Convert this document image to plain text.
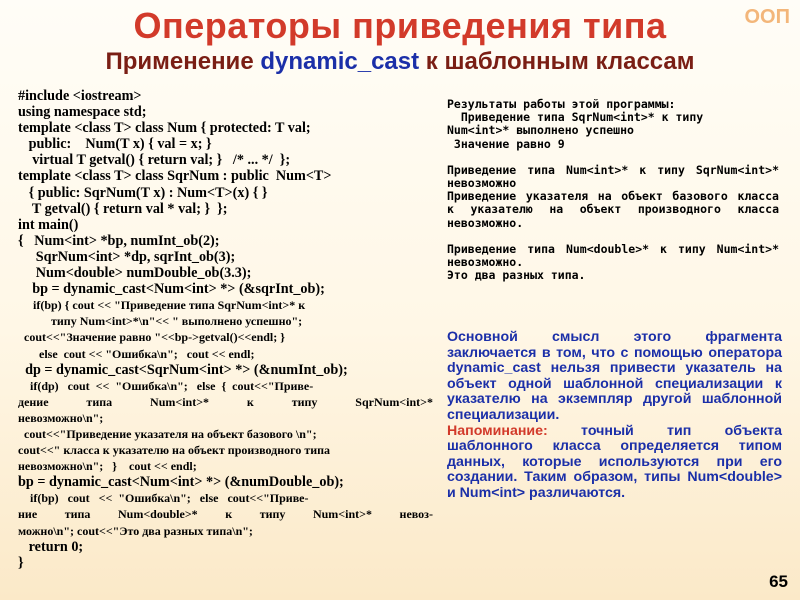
ООП
Операторы приведения типа
Применение dynamic_cast к шаблонным классам
#include <iostream>
using namespace std;
template <class T> class Num { protected: T val;
public:    Num(T x) { val = x; }
virtual T getval() { return val; }   /* ... */  };
template <class T> class SqrNum : public  Num<T>
{ public: SqrNum(T x) : Num<T>(x) { }
T getval() { return val * val; }  };
int main()
{   Num<int> *bp, numInt_ob(2);
SqrNum<int> *dp, sqrInt_ob(3);
Num<double> numDouble_ob(3.3);
bp = dynamic_cast<Num<int> *> (&sqrInt_ob);
if(bp) { cout << "Приведение типа SqrNum<int>* к
типу Num<int>*\n"<< " выполнено успешно";
cout<<"Значение равно "<<bp->getval()<<endl; }
else  cout << "Ошибка\n";   cout << endl;
dp = dynamic_cast<SqrNum<int> *> (&numInt_ob);
if(dp)   cout  <<  "Ошибка\n";   else  {  cout<<"Приве-
дение типа Num<int>* к типу SqrNum<int>*
невозможно\n";
cout<<"Приведение указателя на объект базового \n";
cout<<" класса к указателю на объект производного типа
невозможно\n";   }    cout << endl;
bp = dynamic_cast<Num<int> *> (&numDouble_ob);
if(bp)   cout   <<  "Ошибка\n";   else   cout<<"Приве-
ние типа Num<double>* к типу Num<int>* невоз-
можно\n"; cout<<"Это два разных типа\n";
return 0;
}
Результаты работы этой программы:
Приведение типа SqrNum<int>* к типу
Num<int>* выполнено успешно
Значение равно 9
Приведение типа Num<int>* к типу SqrNum<int>* невозможно
Приведение указателя на объект базового класса к указателю на объект производного класса невозможно.
Приведение типа Num<double>* к типу Num<int>* невозможно.
Это два разных типа.
Основной смысл этого фрагмента заключается в том, что с помощью оператора dynamic_cast нельзя привести указатель на объект одной шаблонной специализации к указателю на экземпляр другой шаблонной специализации.
Напоминание: точный тип объекта шаблонного класса определяется типом данных, которые используются при его создании. Таким образом, типы Num<double> и Num<int> различаются.
65
